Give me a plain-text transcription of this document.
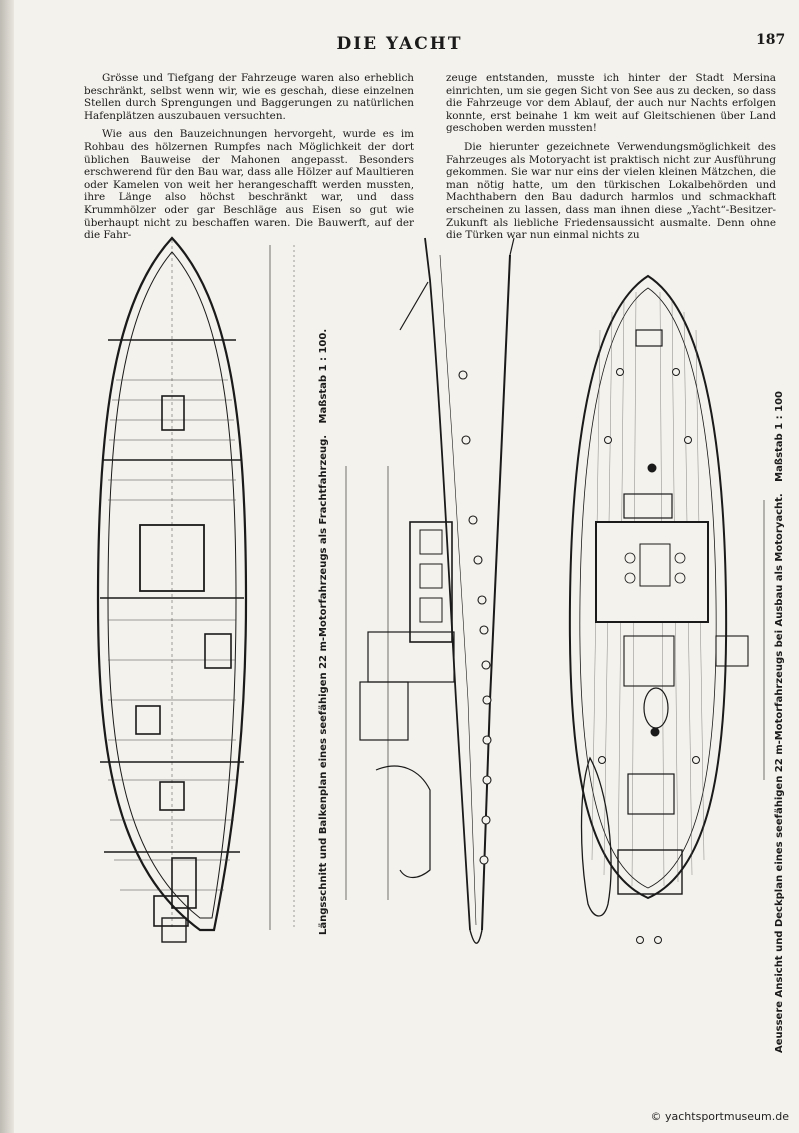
DIE YACHT	187

Grösse und Tiefgang der Fahrzeuge waren also erheblich beschränkt, selbst wenn wir, wie es geschah, diese einzelnen Stellen durch Sprengungen und Baggerungen zu natürlichen Hafenplätzen auszubauen versuchten.

Wie aus den Bauzeichnungen hervorgeht, wurde es im Rohbau des hölzernen Rumpfes nach Möglichkeit der dort üblichen Bauweise der Mahonen angepasst. Besonders erschwerend für den Bau war, dass alle Hölzer auf Maultieren oder Kamelen von weit her herangeschafft werden mussten, ihre Länge also höchst beschränkt war, und dass Krummhölzer oder gar Beschläge aus Eisen so gut wie überhaupt nicht zu beschaffen waren. Die Bauwerft, auf der die Fahr-

zeuge entstanden, musste ich hinter der Stadt Mersina einrichten, um sie gegen Sicht von See aus zu decken, so dass die Fahrzeuge vor dem Ablauf, der auch nur Nachts erfolgen konnte, erst beinahe 1 km weit auf Gleitschienen über Land geschoben werden mussten!

Die hierunter gezeichnete Verwendungsmöglichkeit des Fahrzeuges als Motoryacht ist praktisch nicht zur Ausführung gekommen. Sie war nur eins der vielen kleinen Mätzchen, die man nötig hatte, um den türkischen Lokalbehörden und Machthabern den Bau dadurch harmlos und schmackhaft erscheinen zu lassen, dass man ihnen diese „Yacht“-Besitzer-Zukunft als liebliche Friedensaussicht ausmalte. Denn ohne die Türken war nun einmal nichts zu

Längsschnitt und Balkenplan eines seefähigen 22 m-Motorfahrzeugs als Frachtfahrzeug. Maßstab 1 : 100.
Aeussere Ansicht und Deckplan eines seefähigen 22 m-Motorfahrzeugs bei Ausbau als Motoryacht. Maßstab 1 : 100
© yachtsportmuseum.de
